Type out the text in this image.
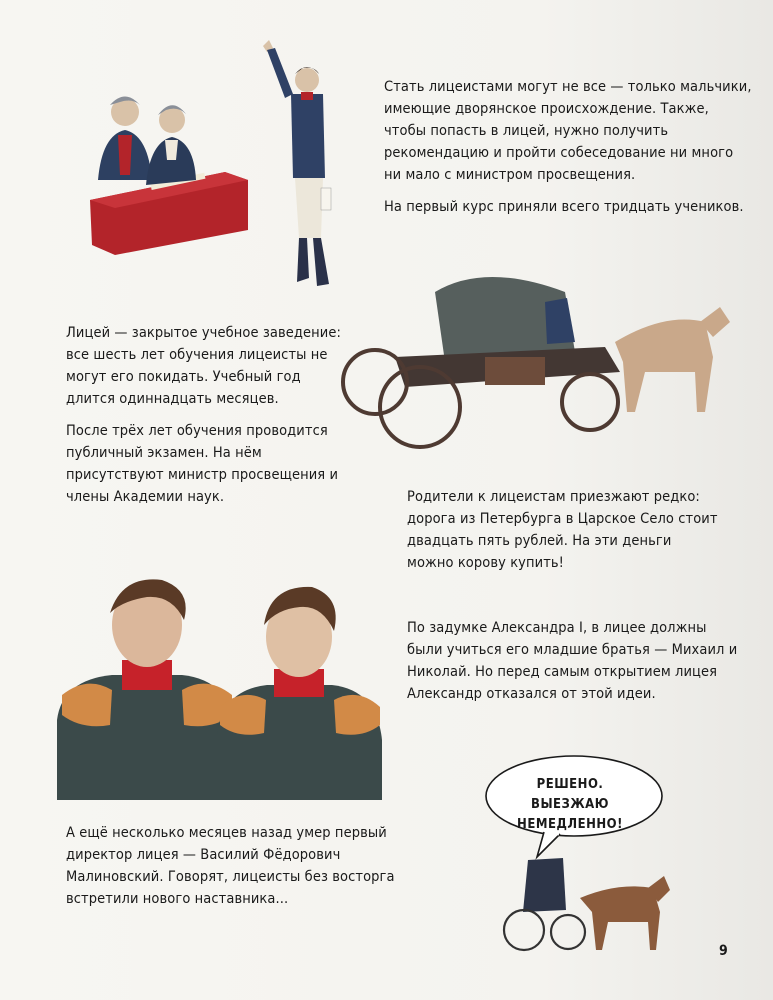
РЕШЕНО. ВЫЕЗЖАЮ НЕМЕДЛЕННО!

Стать лицеистами могут не все — только мальчики, имеющие дворянское происхождение. Также, чтобы попасть в лицей, нужно получить рекомендацию и пройти собеседование ни много ни мало с министром просвещения.

На первый курс приняли всего тридцать учеников.

Лицей — закрытое учебное заведение: все шесть лет обучения лицеисты не могут его покидать. Учебный год длится одиннадцать месяцев.

После трёх лет обучения проводится публичный экзамен. На нём присутствуют министр просвещения и члены Академии наук.	Родители к лицеистам приезжают редко: дорога из Петербурга в Царское Село стоит двадцать пять рублей. На эти деньги можно корову купить!

По задумке Александра I, в лицее должны были учиться его младшие братья — Михаил и Николай. Но перед самым открытием лицея Александр отказался от этой идеи.

А ещё несколько месяцев назад умер первый директор лицея — Василий Фёдорович Малиновский. Говорят, лицеисты без восторга встретили нового наставника...

9
